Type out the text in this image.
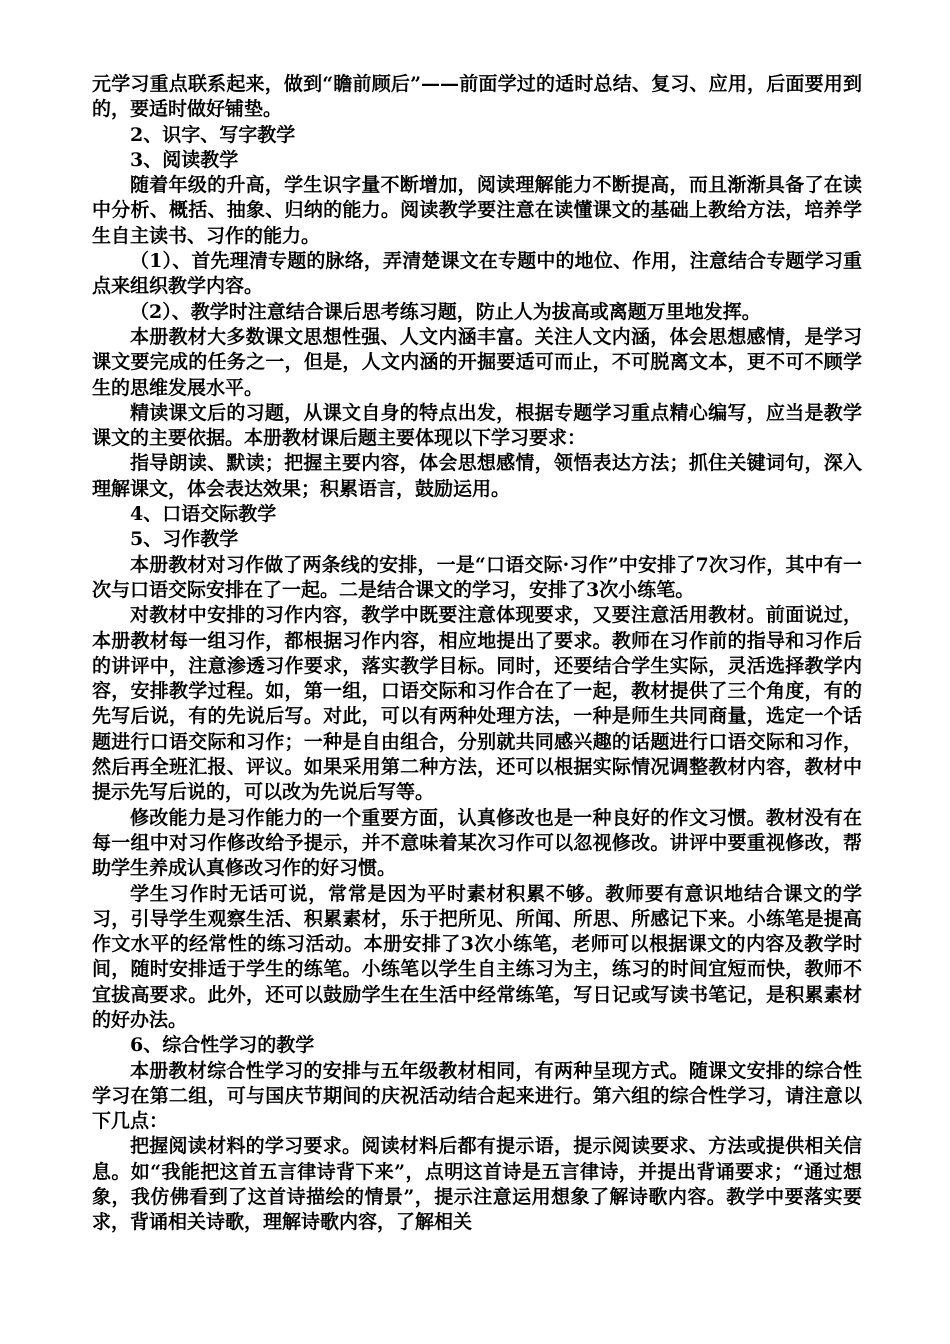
元学习重点联系起来，做到“瞻前顾后”——前面学过的适时总结、复习、应用，后面要用到的，要适时做好铺垫。

2、识字、写字教学

3、阅读教学

随着年级的升高，学生识字量不断增加，阅读理解能力不断提高，而且渐渐具备了在读中分析、概括、抽象、归纳的能力。阅读教学要注意在读懂课文的基础上教给方法，培养学生自主读书、习作的能力。

（1）、首先理清专题的脉络，弄清楚课文在专题中的地位、作用，注意结合专题学习重点来组织教学内容。

（2）、教学时注意结合课后思考练习题，防止人为拔高或离题万里地发挥。

本册教材大多数课文思想性强、人文内涵丰富。关注人文内涵，体会思想感情，是学习课文要完成的任务之一，但是，人文内涵的开掘要适可而止，不可脱离文本，更不可不顾学生的思维发展水平。

精读课文后的习题，从课文自身的特点出发，根据专题学习重点精心编写，应当是教学课文的主要依据。本册教材课后题主要体现以下学习要求：

指导朗读、默读；把握主要内容，体会思想感情，领悟表达方法；抓住关键词句，深入理解课文，体会表达效果；积累语言，鼓励运用。

4、口语交际教学

5、习作教学

本册教材对习作做了两条线的安排，一是“口语交际·习作”中安排了7次习作，其中有一次与口语交际安排在了一起。二是结合课文的学习，安排了3次小练笔。

对教材中安排的习作内容，教学中既要注意体现要求，又要注意活用教材。前面说过，本册教材每一组习作，都根据习作内容，相应地提出了要求。教师在习作前的指导和习作后的讲评中，注意渗透习作要求，落实教学目标。同时，还要结合学生实际，灵活选择教学内容，安排教学过程。如，第一组，口语交际和习作合在了一起，教材提供了三个角度，有的先写后说，有的先说后写。对此，可以有两种处理方法，一种是师生共同商量，选定一个话题进行口语交际和习作；一种是自由组合，分别就共同感兴趣的话题进行口语交际和习作，然后再全班汇报、评议。如果采用第二种方法，还可以根据实际情况调整教材内容，教材中提示先写后说的，可以改为先说后写等。

修改能力是习作能力的一个重要方面，认真修改也是一种良好的作文习惯。教材没有在每一组中对习作修改给予提示，并不意味着某次习作可以忽视修改。讲评中要重视修改，帮助学生养成认真修改习作的好习惯。

学生习作时无话可说，常常是因为平时素材积累不够。教师要有意识地结合课文的学习，引导学生观察生活、积累素材，乐于把所见、所闻、所思、所感记下来。小练笔是提高作文水平的经常性的练习活动。本册安排了3次小练笔，老师可以根据课文的内容及教学时间，随时安排适于学生的练笔。小练笔以学生自主练习为主，练习的时间宜短而快，教师不宜拔高要求。此外，还可以鼓励学生在生活中经常练笔，写日记或写读书笔记，是积累素材的好办法。

6、综合性学习的教学

本册教材综合性学习的安排与五年级教材相同，有两种呈现方式。随课文安排的综合性学习在第二组，可与国庆节期间的庆祝活动结合起来进行。第六组的综合性学习，请注意以下几点：

把握阅读材料的学习要求。阅读材料后都有提示语，提示阅读要求、方法或提供相关信息。如“我能把这首五言律诗背下来”，点明这首诗是五言律诗，并提出背诵要求；“通过想象，我仿佛看到了这首诗描绘的情景”，提示注意运用想象了解诗歌内容。教学中要落实要求，背诵相关诗歌，理解诗歌内容，了解相关
